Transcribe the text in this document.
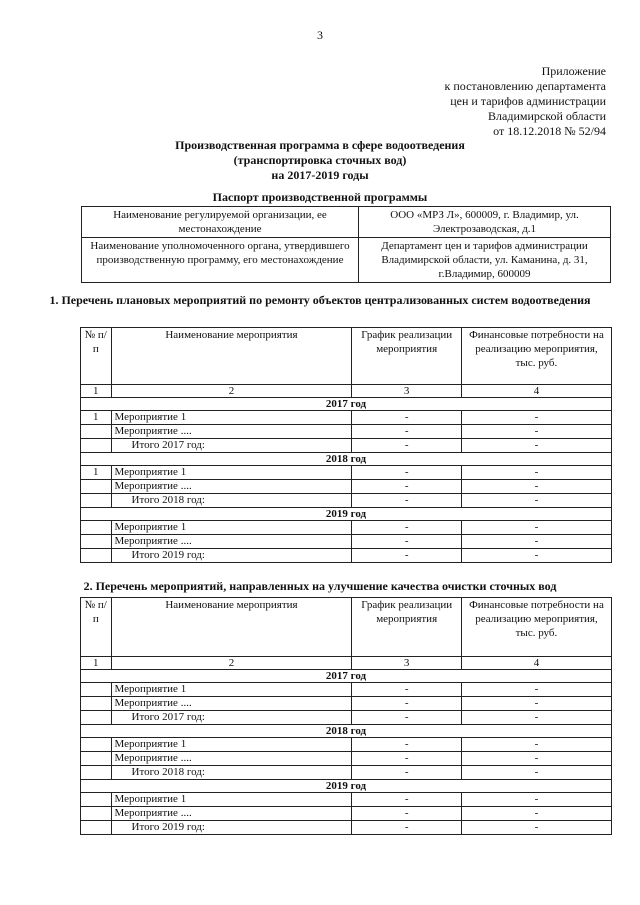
3
Приложение
к постановлению департамента
цен и тарифов администрации
Владимирской области
от 18.12.2018 № 52/94
Производственная программа в сфере водоотведения
(транспортировка сточных вод)
на 2017-2019 годы
Паспорт производственной программы
Наименование регулируемой организации, ее местонахождение	ООО «МРЗ Л», 600009, г. Владимир, ул. Электрозаводская, д.1
Наименование уполномоченного органа, утвердившего производственную программу, его местонахождение	Департамент цен и тарифов администрации Владимирской области, ул. Каманина, д. 31, г.Владимир, 600009
1. Перечень плановых мероприятий по ремонту объектов централизованных систем водоотведения
№ п/п	Наименование мероприятия	График реализации мероприятия	Финансовые потребности на реализацию мероприятия, тыс. руб.
1	2	3	4
2017 год			
1	Мероприятие 1	-	-
	Мероприятие ....	-	-
	Итого 2017 год:	-	-
2018 год			
1	Мероприятие 1	-	-
	Мероприятие ....	-	-
	Итого 2018 год:	-	-
2019 год			
	Мероприятие 1	-	-
	Мероприятие ....	-	-
	Итого 2019 год:	-	-
2. Перечень мероприятий, направленных на улучшение качества очистки сточных вод
№ п/п	Наименование мероприятия	График реализации мероприятия	Финансовые потребности на реализацию мероприятия, тыс. руб.
1	2	3	4
2017 год			
	Мероприятие 1	-	-
	Мероприятие ....	-	-
	Итого 2017 год:	-	-
2018 год			
	Мероприятие 1	-	-
	Мероприятие ....	-	-
	Итого 2018 год:	-	-
2019 год			
	Мероприятие 1	-	-
	Мероприятие ....	-	-
	Итого 2019 год:	-	-
